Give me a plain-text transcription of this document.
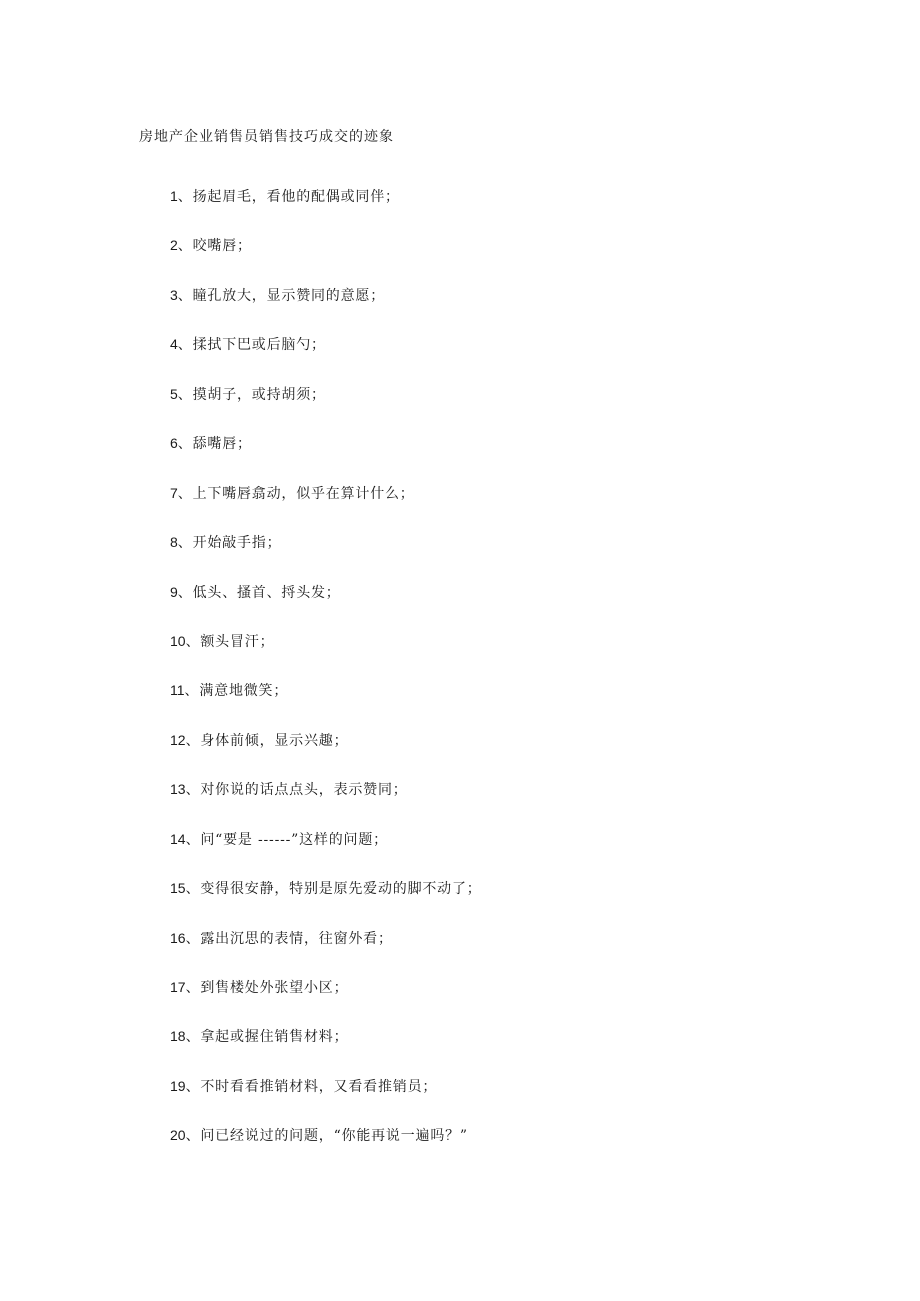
房地产企业销售员销售技巧成交的迹象
1、扬起眉毛，看他的配偶或同伴；
2、咬嘴唇；
3、瞳孔放大，显示赞同的意愿；
4、揉拭下巴或后脑勺；
5、摸胡子，或持胡须；
6、舔嘴唇；
7、上下嘴唇翕动，似乎在算计什么；
8、开始敲手指；
9、低头、搔首、捋头发；
10、额头冒汗；
11、满意地微笑；
12、身体前倾，显示兴趣；
13、对你说的话点点头，表示赞同；
14、问“要是 ------”这样的问题；
15、变得很安静，特别是原先爱动的脚不动了；
16、露出沉思的表情，往窗外看；
17、到售楼处外张望小区；
18、拿起或握住销售材料；
19、不时看看推销材料，又看看推销员；
20、问已经说过的问题，“你能再说一遍吗？”
